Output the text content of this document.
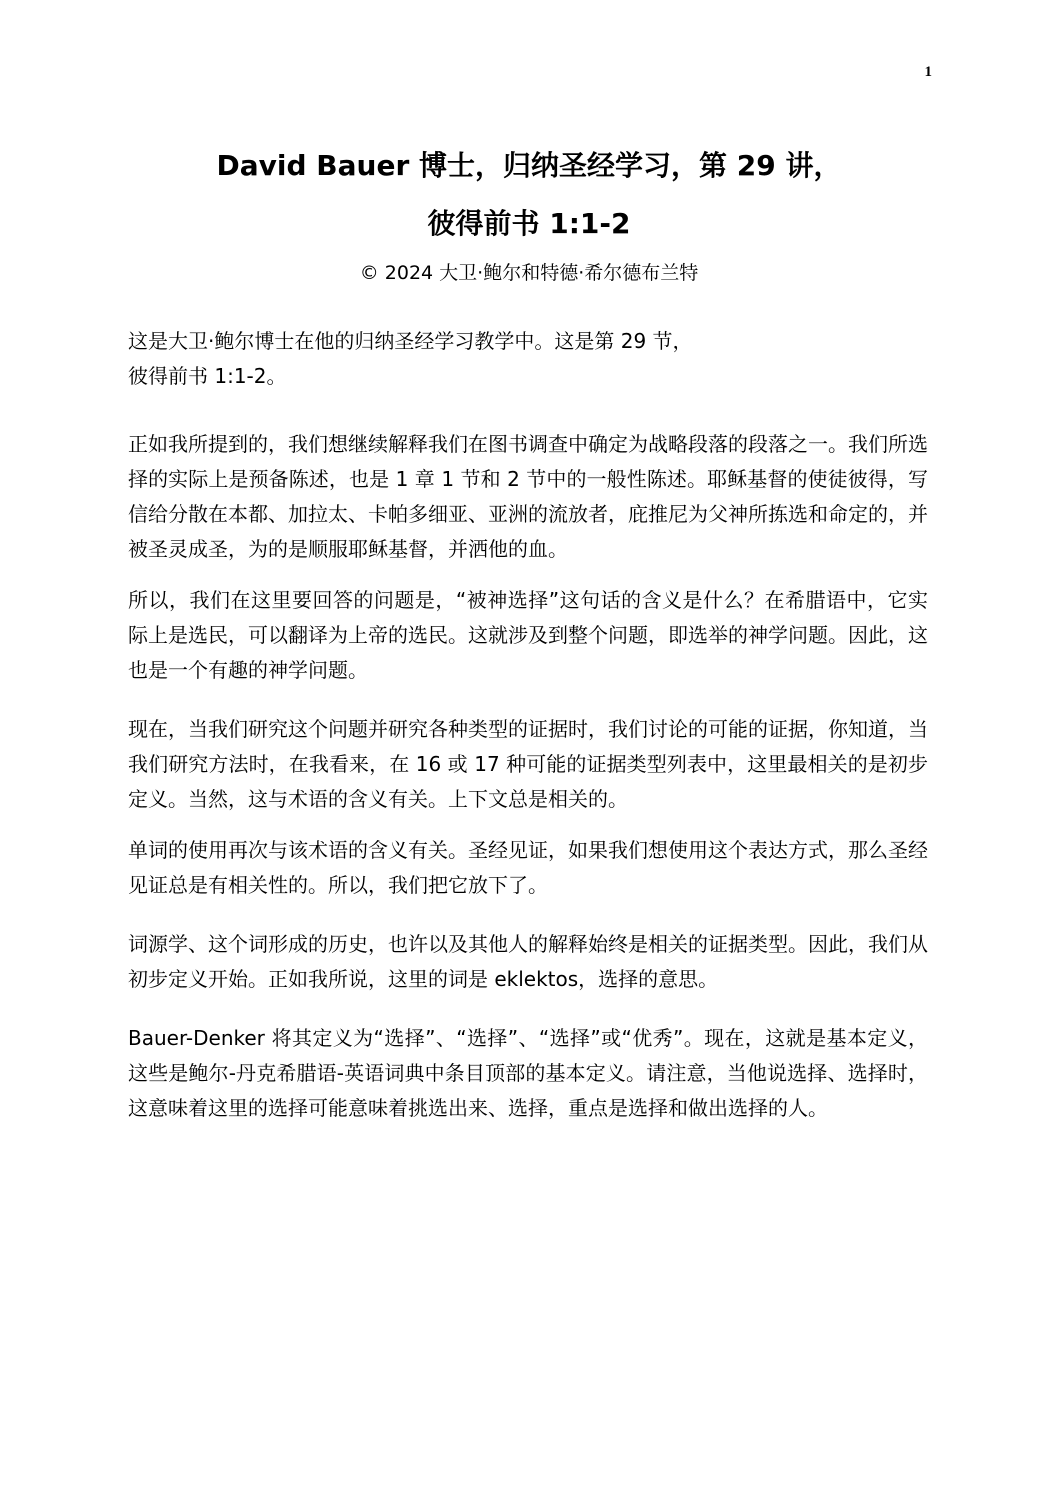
1
David Bauer 博士，归纳圣经学习，第 29 讲，
彼得前书 1:1-2
© 2024 大卫·鲍尔和特德·希尔德布兰特

这是大卫·鲍尔博士在他的归纳圣经学习教学中。这是第 29 节，
彼得前书 1:1-2。

正如我所提到的，我们想继续解释我们在图书调查中确定为战略段落的段落之一。我们所选择的实际上是预备陈述，也是 1 章 1 节和 2 节中的一般性陈述。耶稣基督的使徒彼得，写信给分散在本都、加拉太、卡帕多细亚、亚洲的流放者，庇推尼为父神所拣选和命定的，并被圣灵成圣，为的是顺服耶稣基督，并洒他的血。

所以，我们在这里要回答的问题是，“被神选择”这句话的含义是什么？在希腊语中，它实际上是选民，可以翻译为上帝的选民。这就涉及到整个问题，即选举的神学问题。因此，这也是一个有趣的神学问题。

现在，当我们研究这个问题并研究各种类型的证据时，我们讨论的可能的证据，你知道，当我们研究方法时，在我看来，在 16 或 17 种可能的证据类型列表中，这里最相关的是初步定义。当然，这与术语的含义有关。上下文总是相关的。

单词的使用再次与该术语的含义有关。圣经见证，如果我们想使用这个表达方式，那么圣经见证总是有相关性的。所以，我们把它放下了。

词源学、这个词形成的历史，也许以及其他人的解释始终是相关的证据类型。因此，我们从初步定义开始。正如我所说，这里的词是 eklektos，选择的意思。

Bauer-Denker 将其定义为“选择”、“选择”、“选择”或“优秀”。现在，这就是基本定义，这些是鲍尔-丹克希腊语-英语词典中条目顶部的基本定义。请注意，当他说选择、选择时，这意味着这里的选择可能意味着挑选出来、选择，重点是选择和做出选择的人。
